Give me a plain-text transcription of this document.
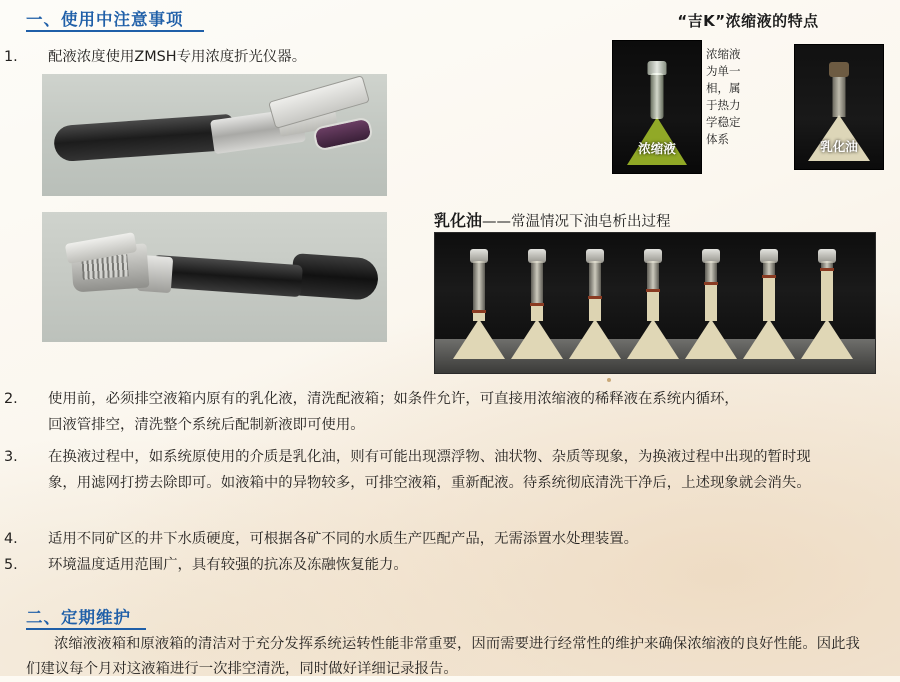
一、使用中注意事项
1. 配液浓度使用ZMSH专用浓度折光仪器。
“吉K”浓缩液的特点
浓缩液
浓缩液为单一相，属于热力学稳定体系	乳化油
乳化油——常温情况下油皂析出过程
2. 使用前，必须排空液箱内原有的乳化液，清洗配液箱；如条件允许，可直接用浓缩液的稀释液在系统内循环，回液管排空，清洗整个系统后配制新液即可使用。
3. 在换液过程中，如系统原使用的介质是乳化油，则有可能出现漂浮物、油状物、杂质等现象，为换液过程中出现的暂时现象，用滤网打捞去除即可。如液箱中的异物较多，可排空液箱，重新配液。待系统彻底清洗干净后，上述现象就会消失。
4. 适用不同矿区的井下水质硬度，可根据各矿不同的水质生产匹配产品，无需添置水处理装置。
5. 环境温度适用范围广，具有较强的抗冻及冻融恢复能力。
二、定期维护
浓缩液液箱和原液箱的清洁对于充分发挥系统运转性能非常重要，因而需要进行经常性的维护来确保浓缩液的良好性能。因此我们建议每个月对这液箱进行一次排空清洗，同时做好详细记录报告。
